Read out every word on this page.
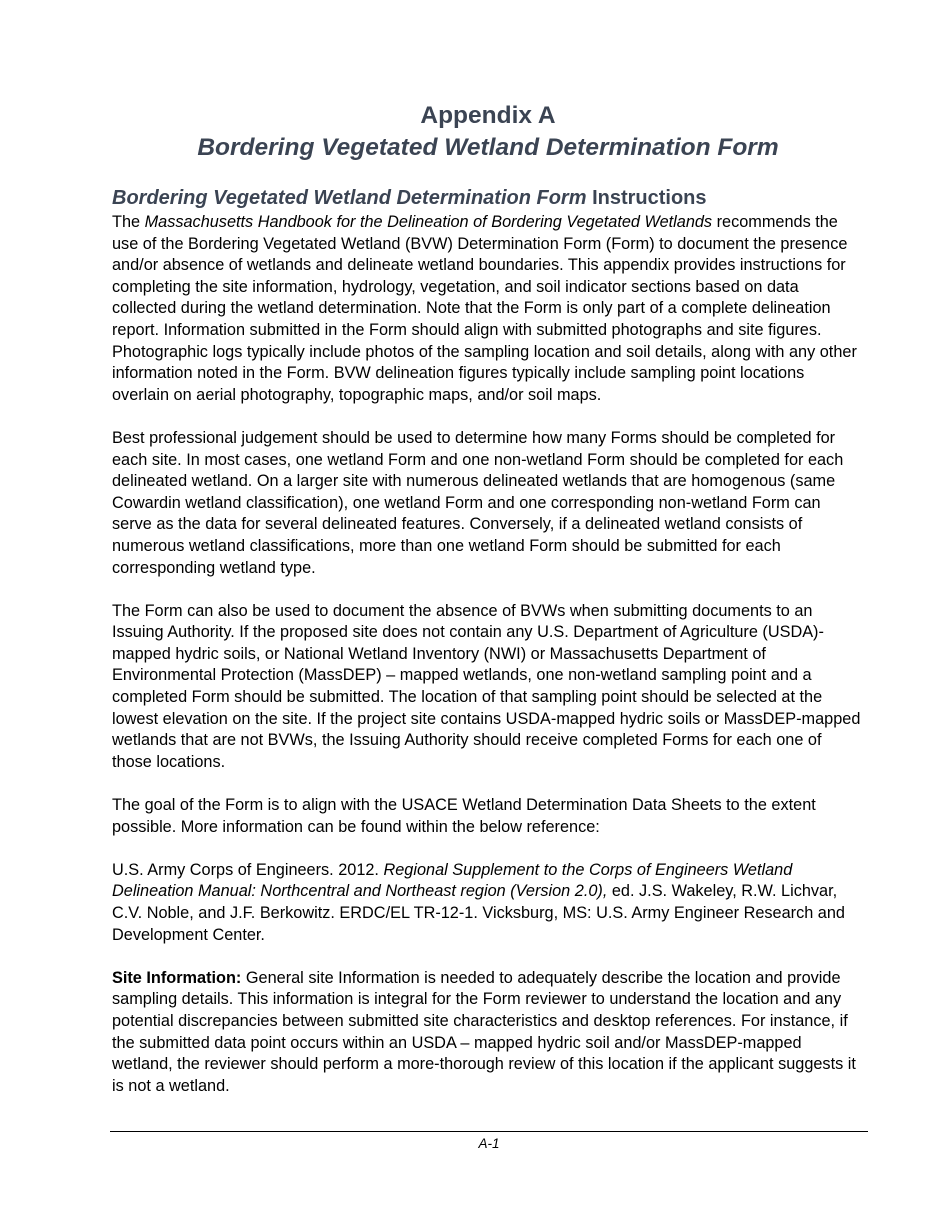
Appendix A
Bordering Vegetated Wetland Determination Form
Bordering Vegetated Wetland Determination Form Instructions

The Massachusetts Handbook for the Delineation of Bordering Vegetated Wetlands recommends the use of the Bordering Vegetated Wetland (BVW) Determination Form (Form) to document the presence and/or absence of wetlands and delineate wetland boundaries. This appendix provides instructions for completing the site information, hydrology, vegetation, and soil indicator sections based on data collected during the wetland determination. Note that the Form is only part of a complete delineation report. Information submitted in the Form should align with submitted photographs and site figures. Photographic logs typically include photos of the sampling location and soil details, along with any other information noted in the Form. BVW delineation figures typically include sampling point locations overlain on aerial photography, topographic maps, and/or soil maps.

Best professional judgement should be used to determine how many Forms should be completed for each site. In most cases, one wetland Form and one non-wetland Form should be completed for each delineated wetland. On a larger site with numerous delineated wetlands that are homogenous (same Cowardin wetland classification), one wetland Form and one corresponding non-wetland Form can serve as the data for several delineated features. Conversely, if a delineated wetland consists of numerous wetland classifications, more than one wetland Form should be submitted for each corresponding wetland type.

The Form can also be used to document the absence of BVWs when submitting documents to an Issuing Authority. If the proposed site does not contain any U.S. Department of Agriculture (USDA)-mapped hydric soils, or National Wetland Inventory (NWI) or Massachusetts Department of Environmental Protection (MassDEP) – mapped wetlands, one non-wetland sampling point and a completed Form should be submitted. The location of that sampling point should be selected at the lowest elevation on the site. If the project site contains USDA-mapped hydric soils or MassDEP-mapped wetlands that are not BVWs, the Issuing Authority should receive completed Forms for each one of those locations.

The goal of the Form is to align with the USACE Wetland Determination Data Sheets to the extent possible. More information can be found within the below reference:

U.S. Army Corps of Engineers. 2012. Regional Supplement to the Corps of Engineers Wetland Delineation Manual: Northcentral and Northeast region (Version 2.0), ed. J.S. Wakeley, R.W. Lichvar, C.V. Noble, and J.F. Berkowitz. ERDC/EL TR-12-1. Vicksburg, MS: U.S. Army Engineer Research and Development Center.

Site Information: General site Information is needed to adequately describe the location and provide sampling details. This information is integral for the Form reviewer to understand the location and any potential discrepancies between submitted site characteristics and desktop references. For instance, if the submitted data point occurs within an USDA – mapped hydric soil and/or MassDEP-mapped wetland, the reviewer should perform a more-thorough review of this location if the applicant suggests it is not a wetland.

A-1
